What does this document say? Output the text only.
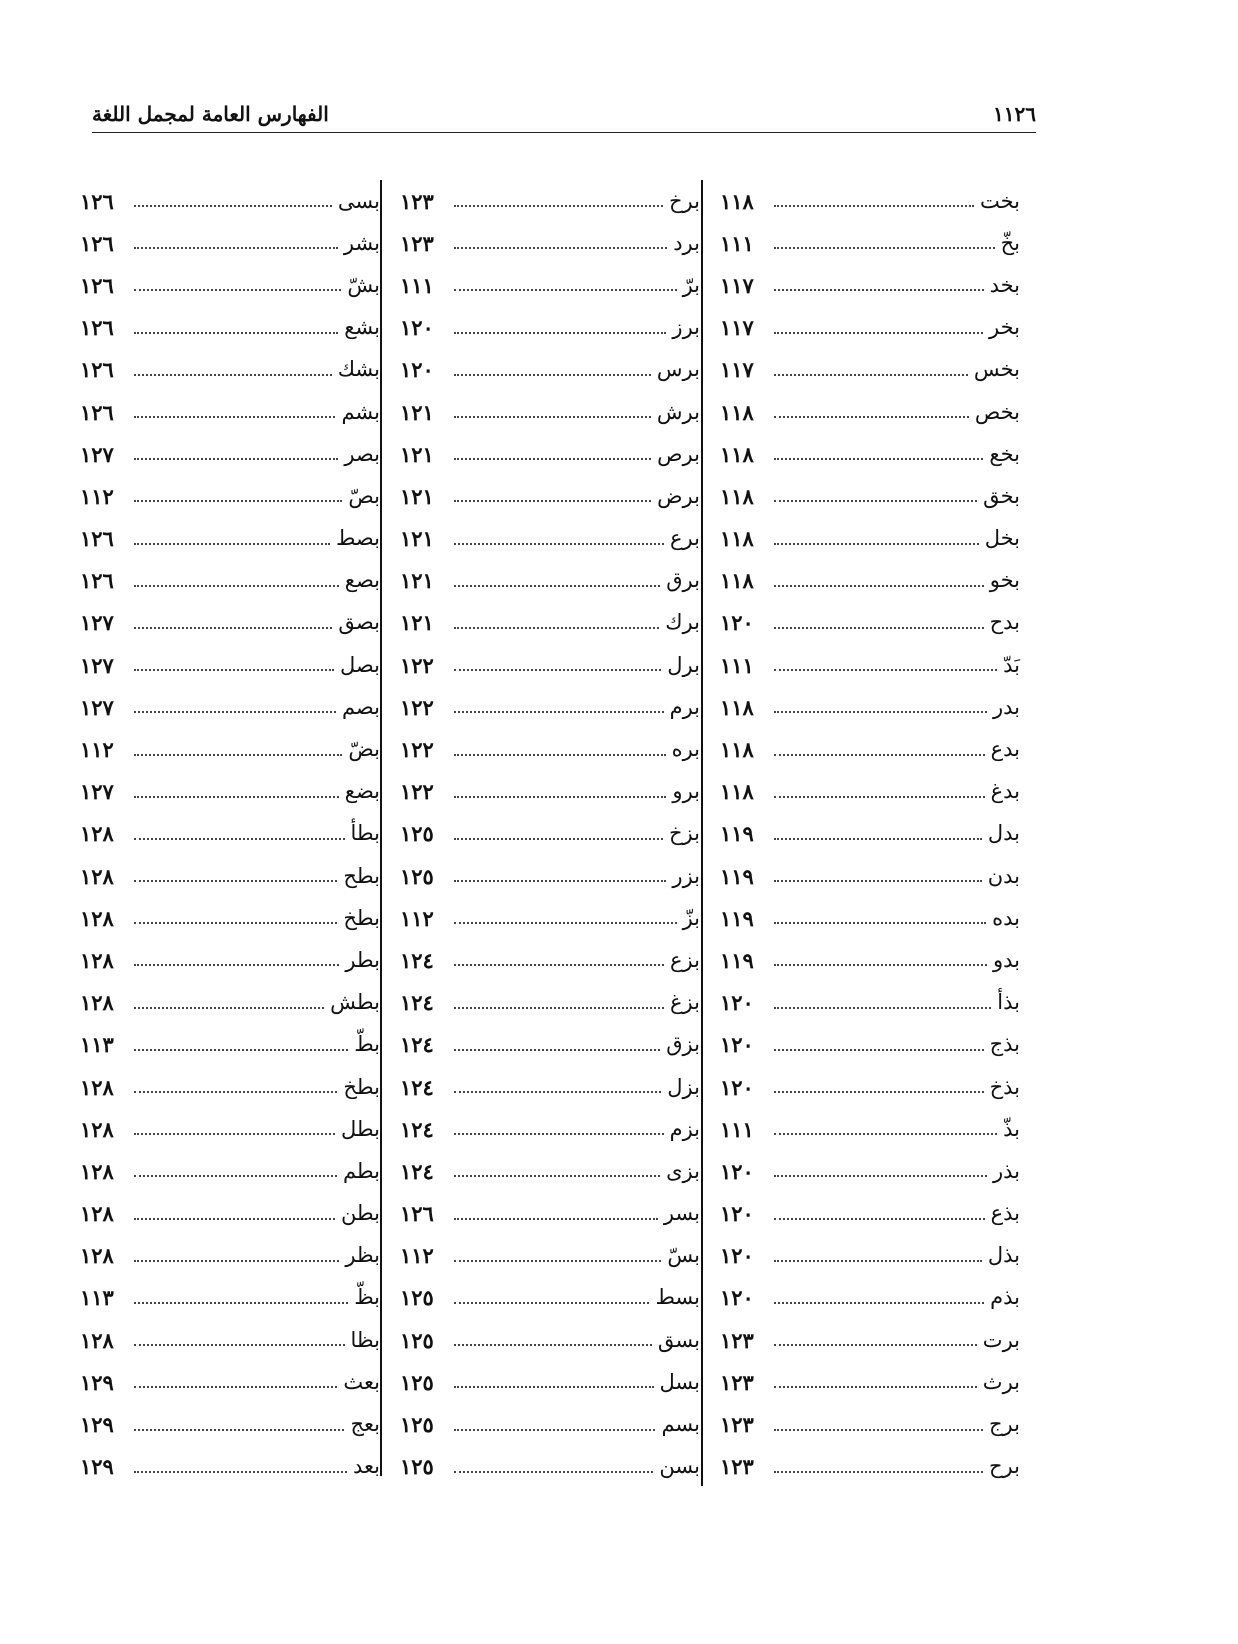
١١٢٦
الفهارس العامة لمجمل اللغة
بخت
١١٨
بخّ
١١١
بخد
١١٧
بخر
١١٧
بخس
١١٧
بخص
١١٨
بخع
١١٨
بخق
١١٨
بخل
١١٨
بخو
١١٨
بدح
١٢٠
بَدّ
١١١
بدر
١١٨
بدع
١١٨
بدغ
١١٨
بدل
١١٩
بدن
١١٩
بده
١١٩
بدو
١١٩
بذأ
١٢٠
بذج
١٢٠
بذخ
١٢٠
بذّ
١١١
بذر
١٢٠
بذع
١٢٠
بذل
١٢٠
بذم
١٢٠
برت
١٢٣
برث
١٢٣
برج
١٢٣
برح
١٢٣
برخ
١٢٣
برد
١٢٣
برّ
١١١
برز
١٢٠
برس
١٢٠
برش
١٢١
برص
١٢١
برض
١٢١
برع
١٢١
برق
١٢١
برك
١٢١
برل
١٢٢
برم
١٢٢
بره
١٢٢
برو
١٢٢
بزخ
١٢٥
بزر
١٢٥
بزّ
١١٢
بزع
١٢٤
بزغ
١٢٤
بزق
١٢٤
بزل
١٢٤
بزم
١٢٤
بزى
١٢٤
بسر
١٢٦
بسّ
١١٢
بسط
١٢٥
بسق
١٢٥
بسل
١٢٥
بسم
١٢٥
بسن
١٢٥
بسى
١٢٦
بشر
١٢٦
بشّ
١٢٦
بشع
١٢٦
بشك
١٢٦
بشم
١٢٦
بصر
١٢٧
بصّ
١١٢
بصط
١٢٦
بصع
١٢٦
بصق
١٢٧
بصل
١٢٧
بصم
١٢٧
بضّ
١١٢
بضع
١٢٧
بطأ
١٢٨
بطح
١٢٨
بطخ
١٢٨
بطر
١٢٨
بطش
١٢٨
بطّ
١١٣
بطخ
١٢٨
بطل
١٢٨
بطم
١٢٨
بطن
١٢٨
بظر
١٢٨
بظّ
١١٣
بظا
١٢٨
بعث
١٢٩
بعج
١٢٩
بعد
١٢٩
